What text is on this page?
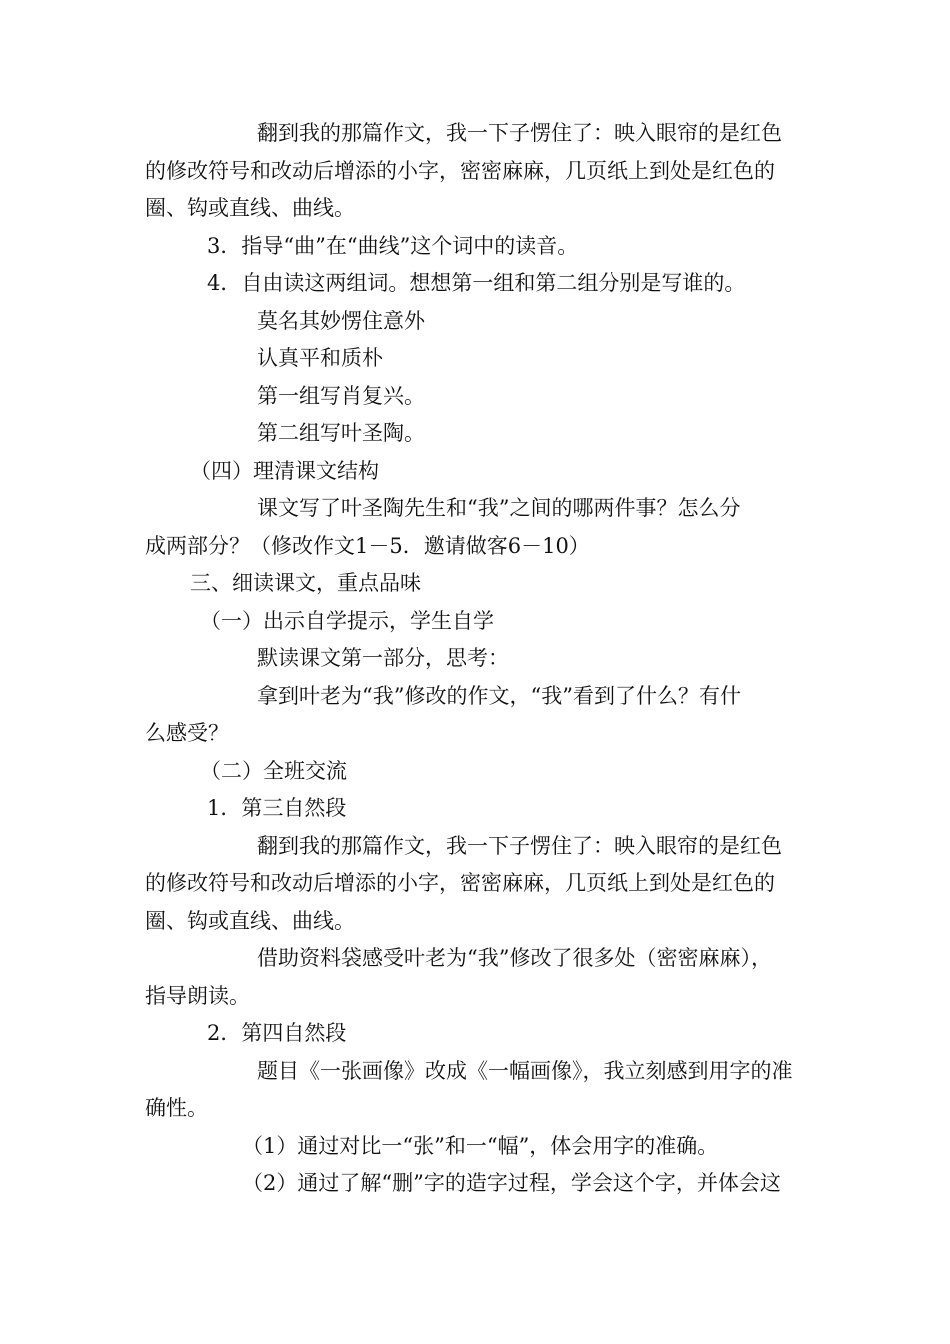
翻到我的那篇作文，我一下子愣住了：映入眼帘的是红色
的修改符号和改动后增添的小字，密密麻麻，几页纸上到处是红色的
圈、钩或直线、曲线。
3．指导“曲”在“曲线”这个词中的读音。
4．自由读这两组词。想想第一组和第二组分别是写谁的。
莫名其妙愣住意外
认真平和质朴
第一组写肖复兴。
第二组写叶圣陶。
（四）理清课文结构
课文写了叶圣陶先生和“我”之间的哪两件事？怎么分
成两部分？（修改作文1－5．邀请做客6－10）
三、细读课文，重点品味
（一）出示自学提示，学生自学
默读课文第一部分，思考：
拿到叶老为“我”修改的作文，“我”看到了什么？有什
么感受？
（二）全班交流
1．第三自然段
翻到我的那篇作文，我一下子愣住了：映入眼帘的是红色
的修改符号和改动后增添的小字，密密麻麻，几页纸上到处是红色的
圈、钩或直线、曲线。
借助资料袋感受叶老为“我”修改了很多处（密密麻麻），
指导朗读。
2．第四自然段
题目《一张画像》改成《一幅画像》，我立刻感到用字的准
确性。
（1）通过对比一“张”和一“幅”，体会用字的准确。
（2）通过了解“删”字的造字过程，学会这个字，并体会这
